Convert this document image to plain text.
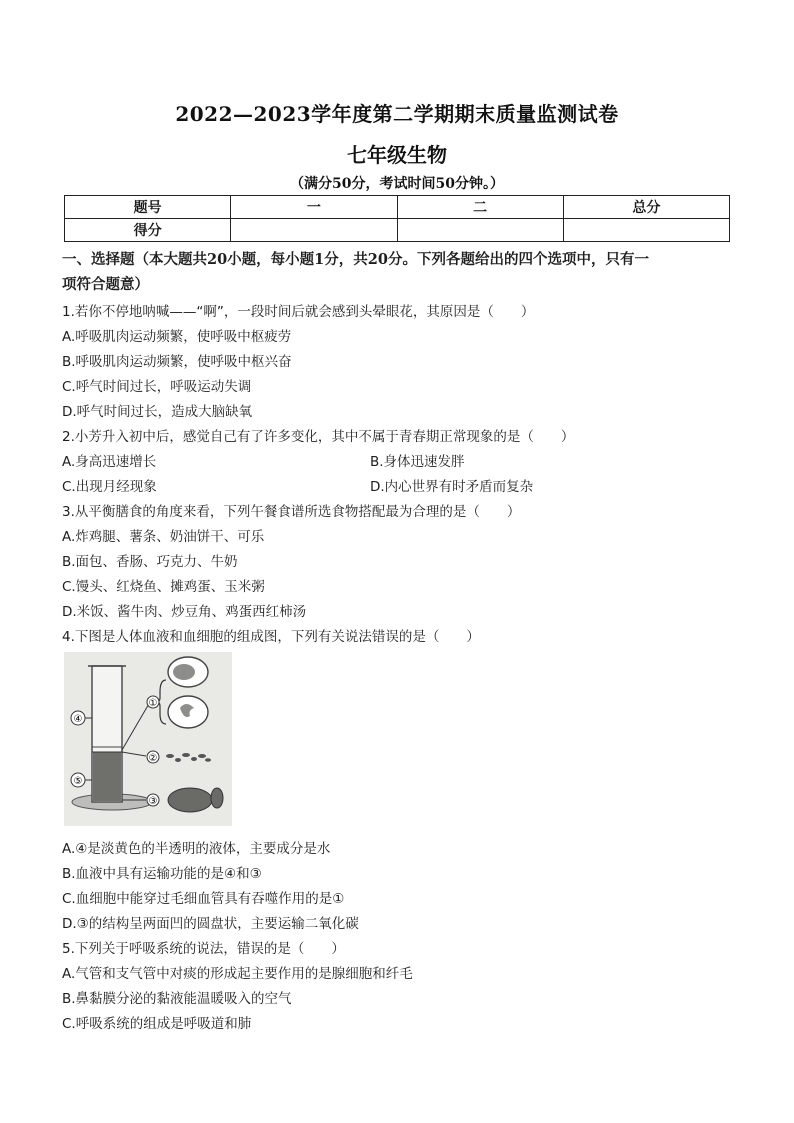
2022—2023学年度第二学期期末质量监测试卷
七年级生物
（满分50分，考试时间50分钟。）
题号	一	二	总分
得分			
一、选择题（本大题共20小题，每小题1分，共20分。下列各题给出的四个选项中，只有一
项符合题意）
1.若你不停地呐喊——“啊”，一段时间后就会感到头晕眼花，其原因是（　　）
A.呼吸肌肉运动频繁，使呼吸中枢疲劳
B.呼吸肌肉运动频繁，使呼吸中枢兴奋
C.呼气时间过长，呼吸运动失调
D.呼气时间过长，造成大脑缺氧
2.小芳升入初中后，感觉自己有了许多变化，其中不属于青春期正常现象的是（　　）
A.身高迅速增长	B.身体迅速发胖
C.出现月经现象	D.内心世界有时矛盾而复杂
3.从平衡膳食的角度来看，下列午餐食谱所选食物搭配最为合理的是（　　）
A.炸鸡腿、薯条、奶油饼干、可乐
B.面包、香肠、巧克力、牛奶
C.馒头、红烧鱼、摊鸡蛋、玉米粥
D.米饭、酱牛肉、炒豆角、鸡蛋西红柿汤
4.下图是人体血液和血细胞的组成图，下列有关说法错误的是（　　）
①
④
⑤
②
③
A.④是淡黄色的半透明的液体，主要成分是水
B.血液中具有运输功能的是④和③
C.血细胞中能穿过毛细血管具有吞噬作用的是①
D.③的结构呈两面凹的圆盘状，主要运输二氧化碳
5.下列关于呼吸系统的说法，错误的是（　　）
A.气管和支气管中对痰的形成起主要作用的是腺细胞和纤毛
B.鼻黏膜分泌的黏液能温暖吸入的空气
C.呼吸系统的组成是呼吸道和肺
